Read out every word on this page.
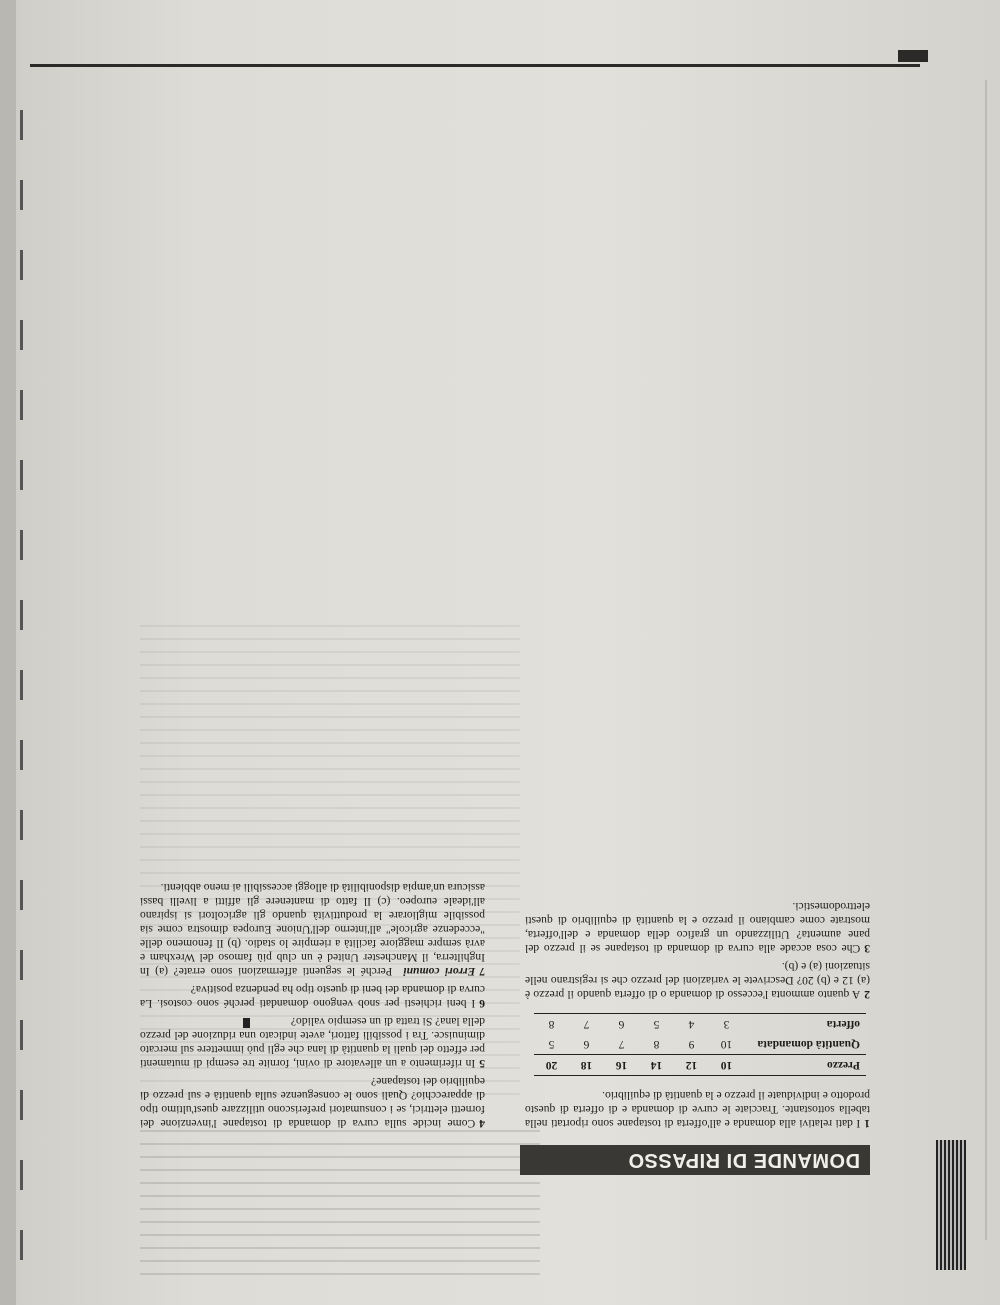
DOMANDE DI RIPASSO

1I dati relativi alla domanda e all'offerta di tostapane sono riportati nella tabella sottostante. Tracciate le curve di domanda e di offerta di questo prodotto e individuate il prezzo e la quantità di equilibrio.

Prezzo	10	12	14	16	18	20
Quantità domandata	10	9	8	7	6	5
offerta	3	4	5	6	7	8

2A quanto ammonta l'eccesso di domanda o di offerta quando il prezzo è (a) 12 e (b) 20? Descrivete le variazioni del prezzo che si registrano nelle situazioni (a) e (b).

3Che cosa accade alla curva di domanda di tostapane se il prezzo del pane aumenta? Utilizzando un grafico della domanda e dell'offerta, mostrate come cambiano il prezzo e la quantità di equilibrio di questi elettrodomestici.

4Come incide sulla curva di domanda di tostapane l'invenzione dei fornetti elettrici, se i consumatori preferiscono utilizzare quest'ultimo tipo di apparecchio? Quali sono le conseguenze sulla quantità e sul prezzo di equilibrio dei tostapane?

5In riferimento a un allevatore di ovini, fornite tre esempi di mutamenti per effetto dei quali la quantità di lana che egli può immettere sul mercato diminuisce. Tra i possibili fattori, avete indicato una riduzione del prezzo della lana? Si tratta di un esempio valido?

6I beni richiesti per snob vengono domandati perché sono costosi. La curva di domanda dei beni di questo tipo ha pendenza positiva?

7Errori comuni  Perché le seguenti affermazioni sono errate? (a) In Inghilterra, il Manchester United è un club più famoso del Wrexham e avrà sempre maggiore facilità a riempire lo stadio. (b) Il fenomeno delle "eccedenze agricole" all'interno dell'Unione Europea dimostra come sia possibile migliorare la produttività quando gli agricoltori si ispirano all'ideale europeo. (c) Il fatto di mantenere gli affitti a livelli bassi assicura un'ampia disponibilità di alloggi accessibili ai meno abbienti.
